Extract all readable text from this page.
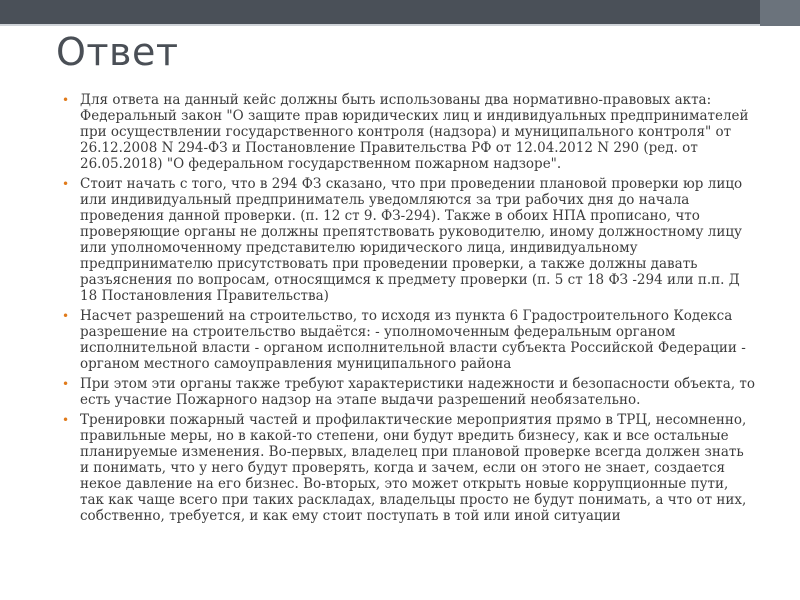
Ответ
• Для ответа на данный кейс должны быть использованы два нормативно-правовых акта: Федеральный закон "О защите прав юридических лиц и индивидуальных предпринимателей при осуществлении государственного контроля (надзора) и муниципального контроля" от 26.12.2008 N 294-ФЗ и Постановление Правительства РФ от 12.04.2012 N 290 (ред. от 26.05.2018) "О федеральном государственном пожарном надзоре".
• Стоит начать с того, что в 294 ФЗ сказано, что при проведении плановой проверки юр лицо или индивидуальный предприниматель уведомляются за три рабочих дня до начала проведения данной проверки. (п. 12 ст 9. ФЗ-294). Также в обоих НПА прописано, что проверяющие органы не должны препятствовать руководителю, иному должностному лицу или уполномоченному представителю юридического лица, индивидуальному предпринимателю присутствовать при проведении проверки, а также должны давать разъяснения по вопросам, относящимся к предмету проверки (п. 5 ст 18 ФЗ -294 или п.п. Д 18 Постановления Правительства)
• Насчет разрешений на строительство, то исходя из пункта 6 Градостроительного Кодекса разрешение на строительство выдаётся: - уполномоченным федеральным органом исполнительной власти - органом исполнительной власти субъекта Российской Федерации - органом местного самоуправления муниципального района
• При этом эти органы также требуют характеристики надежности и безопасности объекта, то есть участие Пожарного надзор на этапе выдачи разрешений необязательно.
• Тренировки пожарный частей и профилактические мероприятия прямо в ТРЦ, несомненно, правильные меры, но в какой-то степени, они будут вредить бизнесу, как и все остальные планируемые изменения. Во-первых, владелец при плановой проверке всегда должен знать и понимать, что у него будут проверять, когда и зачем, если он этого не знает, создается некое давление на его бизнес. Во-вторых, это может открыть новые коррупционные пути, так как чаще всего при таких раскладах, владельцы просто не будут понимать, а что от них, собственно, требуется, и как ему стоит поступать в той или иной ситуации
